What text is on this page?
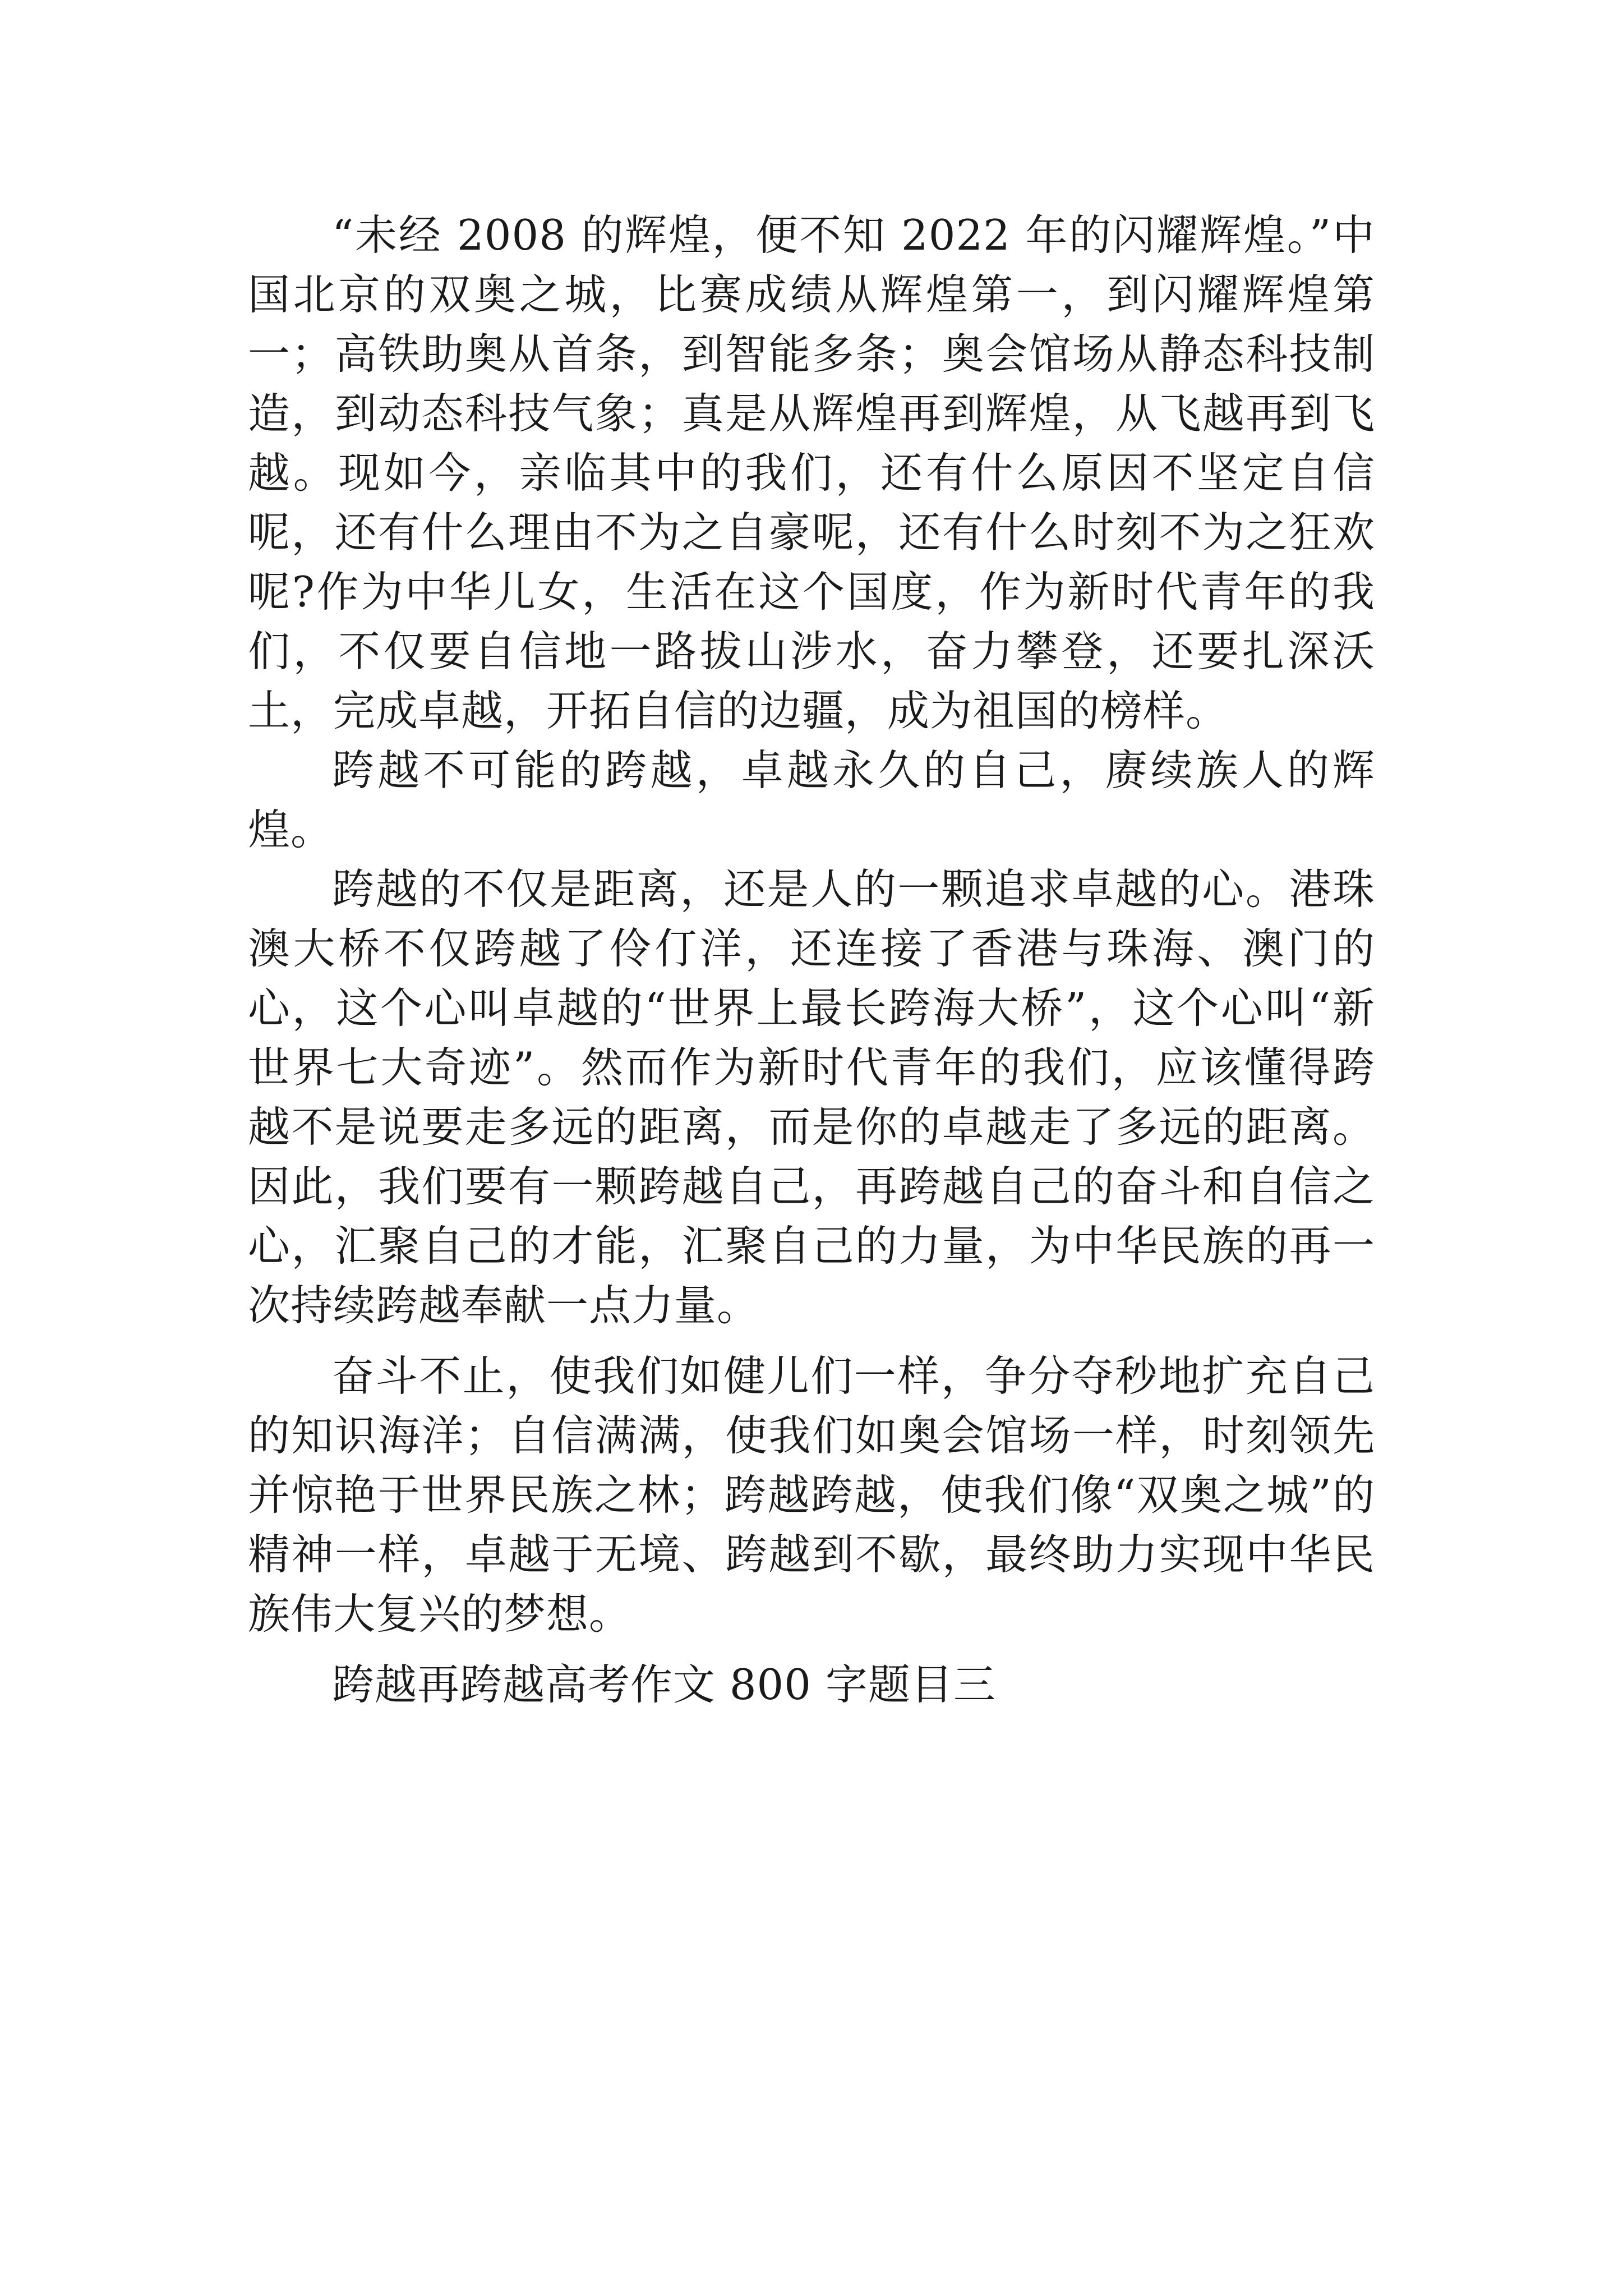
“未经 2008 的辉煌，便不知 2022 年的闪耀辉煌。”中国北京的双奥之城，比赛成绩从辉煌第一，到闪耀辉煌第一；高铁助奥从首条，到智能多条；奥会馆场从静态科技制造，到动态科技气象；真是从辉煌再到辉煌，从飞越再到飞越。现如今，亲临其中的我们，还有什么原因不坚定自信呢，还有什么理由不为之自豪呢，还有什么时刻不为之狂欢呢?作为中华儿女，生活在这个国度，作为新时代青年的我们，不仅要自信地一路拔山涉水，奋力攀登，还要扎深沃土，完成卓越，开拓自信的边疆，成为祖国的榜样。

跨越不可能的跨越，卓越永久的自己，赓续族人的辉煌。

跨越的不仅是距离，还是人的一颗追求卓越的心。港珠澳大桥不仅跨越了伶仃洋，还连接了香港与珠海、澳门的心，这个心叫卓越的“世界上最长跨海大桥”，这个心叫“新世界七大奇迹”。然而作为新时代青年的我们，应该懂得跨越不是说要走多远的距离，而是你的卓越走了多远的距离。因此，我们要有一颗跨越自己，再跨越自己的奋斗和自信之心，汇聚自己的才能，汇聚自己的力量，为中华民族的再一次持续跨越奉献一点力量。

奋斗不止，使我们如健儿们一样，争分夺秒地扩充自己的知识海洋；自信满满，使我们如奥会馆场一样，时刻领先并惊艳于世界民族之林；跨越跨越，使我们像“双奥之城”的精神一样，卓越于无境、跨越到不歇，最终助力实现中华民族伟大复兴的梦想。

跨越再跨越高考作文 800 字题目三
